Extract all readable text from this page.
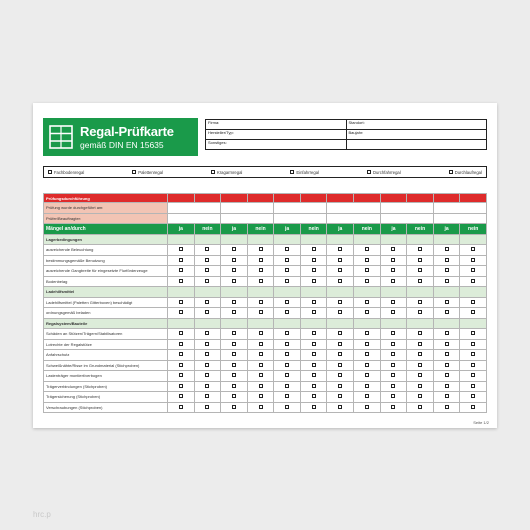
Regal-Prüfkarte
gemäß DIN EN 15635
Firma:	Standort:
Hersteller/Typ:	Baujahr:
Sonstiges:	
Fachbodenregal	Palettenregal	Kragarmregal	Einfahrregal	Durchfahrregal	Durchlaufregal
Prüfungsdurchführung												
Prüfung wurde durchgeführt am:												
Prüfer/Beauftragter:												
Mängel an/durch	ja	nein	ja	nein	ja	nein	ja	nein	ja	nein	ja	nein
Lagerbedingungen												
ausreichende Beleuchtung												
bestimmungsgemäße Benutzung												
ausreichende Gangbreite für eingesetzte Flurförderzeuge												
Bodenbelag												
Ladehilfsmittel												
Ladehilfsmittel (Paletten Gitterboxen) beschädigt												
ordnungsgemäß beladen												
Regalsystem/Bauteile												
Schäden an Stützen/Trägern/Stabilisatoren												
Lotrechte der Regalstütze												
Anfahrschutz												
Schweißnähte/Risse im Grundmaterial (Stichproben)												
Lastenträger montiert/verbogen												
Trägerverbindungen (Stichproben)												
Trägersicherung (Stichproben)												
Verschraubungen (Stichproben)												
Seite 1/2
hrc.p
